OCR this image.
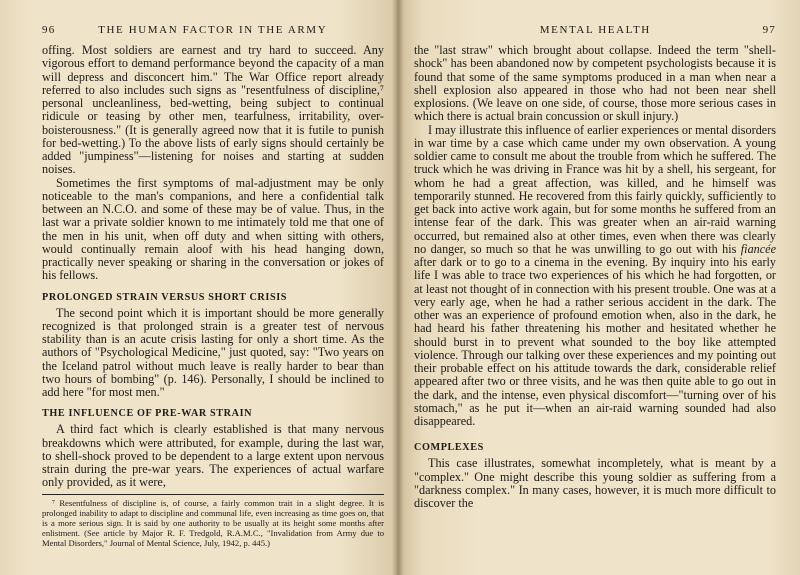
96	THE HUMAN FACTOR IN THE ARMY

offing. Most soldiers are earnest and try hard to succeed. Any vigorous effort to demand performance beyond the capacity of a man will depress and disconcert him." The War Office report already referred to also includes such signs as "resentfulness of discipline,⁷ personal uncleanliness, bed-wetting, being subject to continual ridicule or teasing by other men, tearfulness, irritability, over-boisterousness." (It is generally agreed now that it is futile to punish for bed-wetting.) To the above lists of early signs should certainly be added "jumpiness"—listening for noises and starting at sudden noises.

Sometimes the first symptoms of mal-adjustment may be only noticeable to the man's companions, and here a confidential talk between an N.C.O. and some of these may be of value. Thus, in the last war a private soldier known to me intimately told me that one of the men in his unit, when off duty and when sitting with others, would continually remain aloof with his head hanging down, practically never speaking or sharing in the conversation or jokes of his fellows.

PROLONGED STRAIN VERSUS SHORT CRISIS

The second point which it is important should be more generally recognized is that prolonged strain is a greater test of nervous stability than is an acute crisis lasting for only a short time. As the authors of "Psychological Medicine," just quoted, say: "Two years on the Iceland patrol without much leave is really harder to bear than two hours of bombing" (p. 146). Personally, I should be inclined to add here "for most men."

THE INFLUENCE OF PRE-WAR STRAIN

A third fact which is clearly established is that many nervous breakdowns which were attributed, for example, during the last war, to shell-shock proved to be dependent to a large extent upon nervous strain during the pre-war years. The experiences of actual warfare only provided, as it were,

⁷ Resentfulness of discipline is, of course, a fairly common trait in a slight degree. It is prolonged inability to adapt to discipline and communal life, even increasing as time goes on, that is a more serious sign. It is said by one authority to be usually at its height some months after enlistment. (See article by Major R. F. Tredgold, R.A.M.C., "Invalidation from Army due to Mental Disorders," Journal of Mental Science, July, 1942, p. 445.)

MENTAL HEALTH	97

the "last straw" which brought about collapse. Indeed the term "shell-shock" has been abandoned now by competent psychologists because it is found that some of the same symptoms produced in a man when near a shell explosion also appeared in those who had not been near shell explosions. (We leave on one side, of course, those more serious cases in which there is actual brain concussion or skull injury.)

I may illustrate this influence of earlier experiences or mental disorders in war time by a case which came under my own observation. A young soldier came to consult me about the trouble from which he suffered. The truck which he was driving in France was hit by a shell, his sergeant, for whom he had a great affection, was killed, and he himself was temporarily stunned. He recovered from this fairly quickly, sufficiently to get back into active work again, but for some months he suffered from an intense fear of the dark. This was greater when an air-raid warning occurred, but remained also at other times, even when there was clearly no danger, so much so that he was unwilling to go out with his fiancée after dark or to go to a cinema in the evening. By inquiry into his early life I was able to trace two experiences of his which he had forgotten, or at least not thought of in connection with his present trouble. One was at a very early age, when he had a rather serious accident in the dark. The other was an experience of profound emotion when, also in the dark, he had heard his father threatening his mother and hesitated whether he should burst in to prevent what sounded to the boy like attempted violence. Through our talking over these experiences and my pointing out their probable effect on his attitude towards the dark, considerable relief appeared after two or three visits, and he was then quite able to go out in the dark, and the intense, even physical discomfort—"turning over of his stomach," as he put it—when an air-raid warning sounded had also disappeared.

COMPLEXES

This case illustrates, somewhat incompletely, what is meant by a "complex." One might describe this young soldier as suffering from a "darkness complex." In many cases, however, it is much more difficult to discover the
